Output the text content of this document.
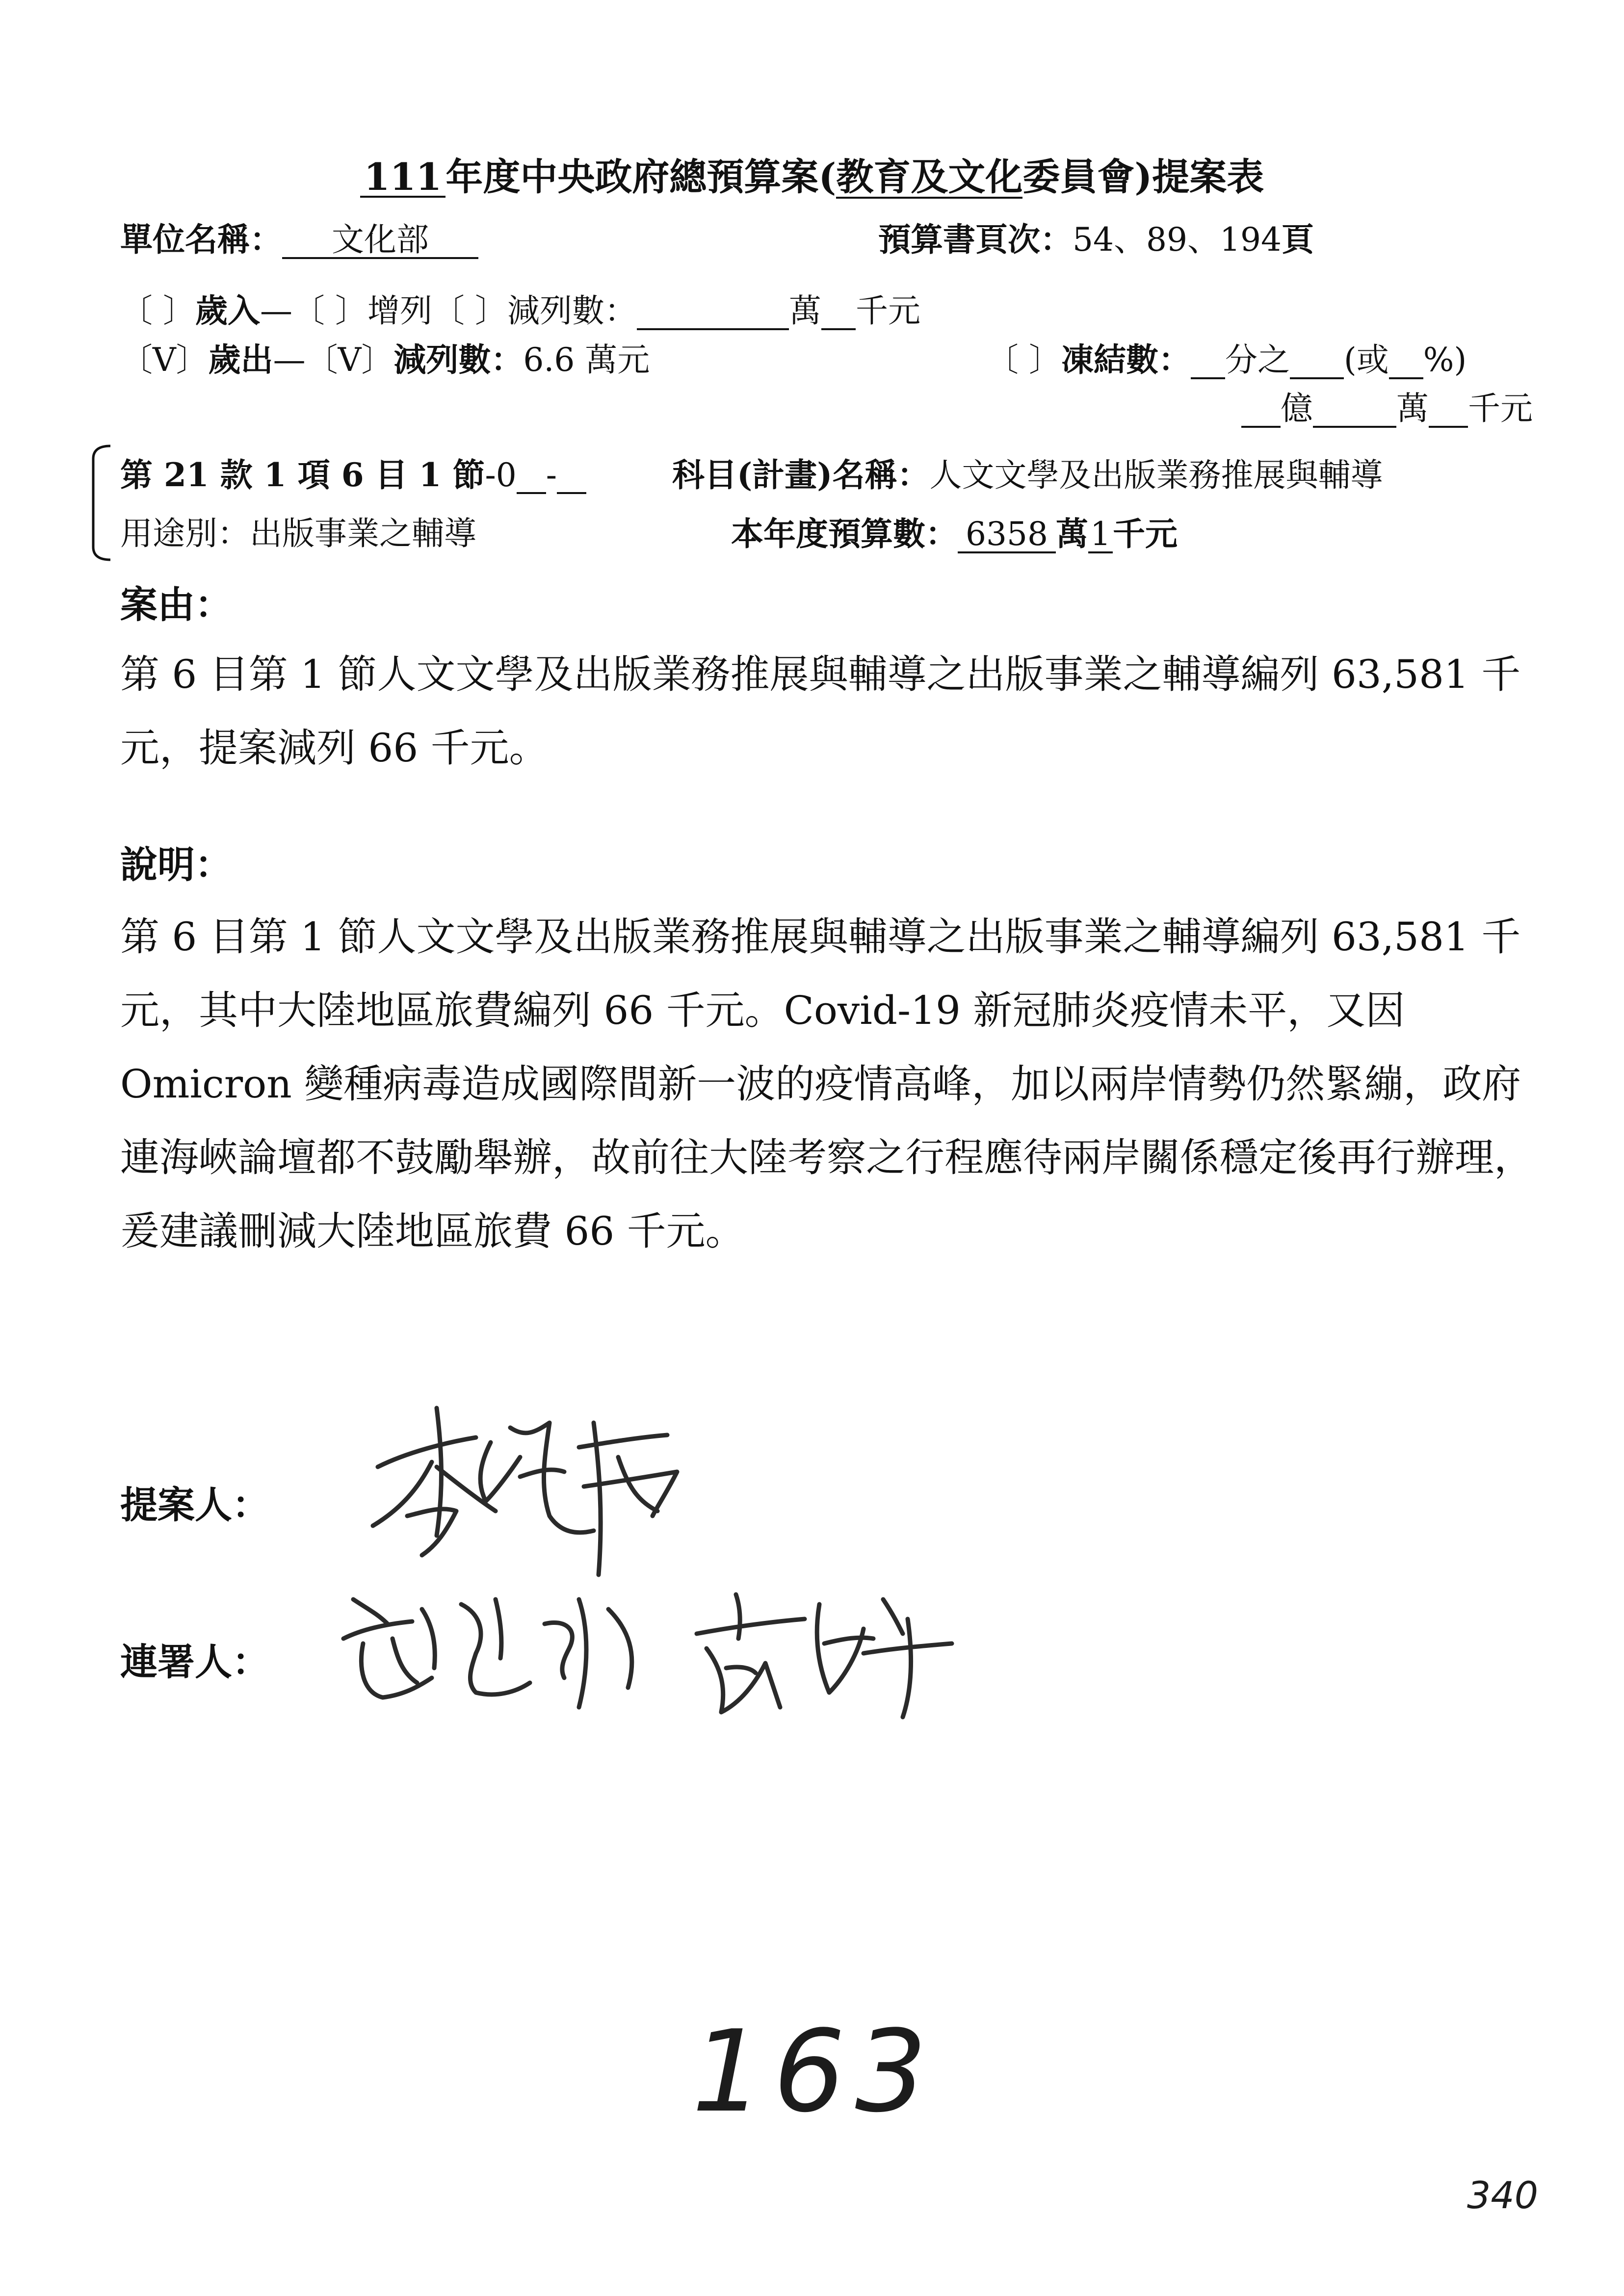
111 年度中央政府總預算案(教育及文化委員會)提案表
單位名稱： 文化部	預算書頁次：54、89、194頁
〔 〕歲入—〔 〕增列〔 〕減列數：	萬 千元
〔V〕歲出—〔V〕減列數：6.6 萬元	〔 〕凍結數： 分之 (或 %)
億	萬 千元
第 21 款 1 項 6 目 1 節-0 -	科目(計畫)名稱：人文文學及出版業務推展與輔導
用途別：出版事業之輔導	本年度預算數： 6358 萬1千元
案由：
第 6 目第 1 節人文文學及出版業務推展與輔導之出版事業之輔導編列 63,581 千元，提案減列 66 千元。
說明：
第 6 目第 1 節人文文學及出版業務推展與輔導之出版事業之輔導編列 63,581 千元，其中大陸地區旅費編列 66 千元。Covid-19 新冠肺炎疫情未平，又因 Omicron 變種病毒造成國際間新一波的疫情高峰，加以兩岸情勢仍然緊繃，政府連海峽論壇都不鼓勵舉辦，故前往大陸考察之行程應待兩岸關係穩定後再行辦理，爰建議刪減大陸地區旅費 66 千元。
提案人：
連署人：
163
340
